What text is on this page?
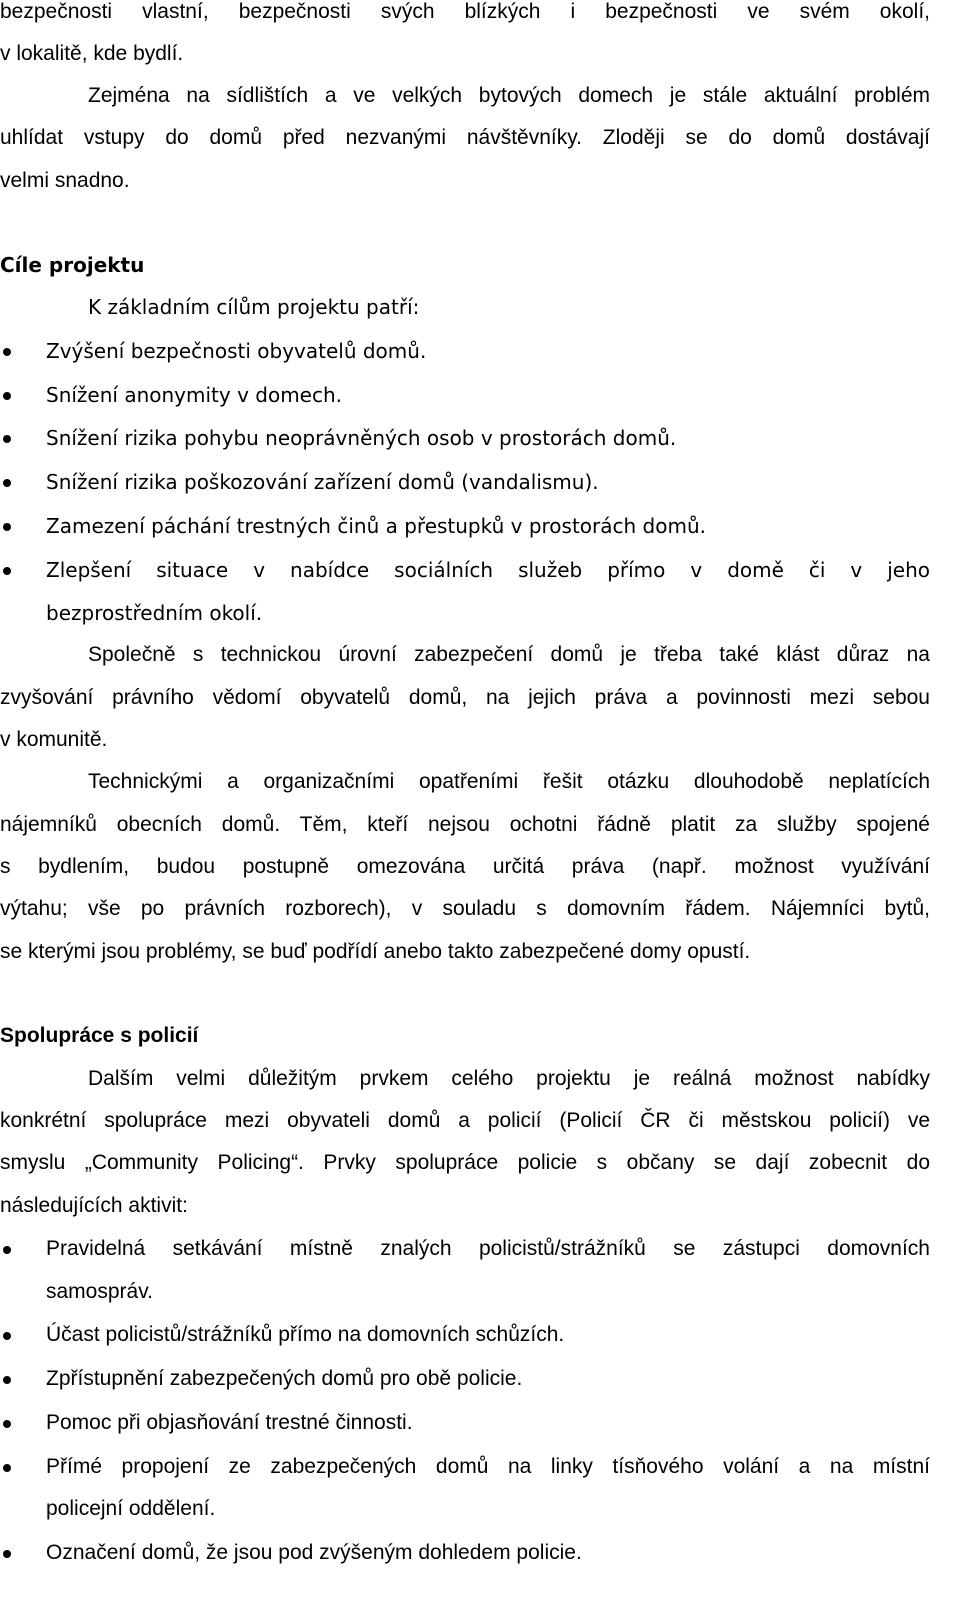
bezpečnosti vlastní, bezpečnosti svých blízkých i bezpečnosti ve svém okolí,
v lokalitě, kde bydlí.
Zejména na sídlištích a ve velkých bytových domech je stále aktuální problém
uhlídat vstupy do domů před nezvanými návštěvníky. Zloději se do domů dostávají
velmi snadno.
Cíle projektu
K základním cílům projektu patří:
Zvýšení bezpečnosti obyvatelů domů.
Snížení anonymity v domech.
Snížení rizika pohybu neoprávněných osob v prostorách domů.
Snížení rizika poškozování zařízení domů (vandalismu).
Zamezení páchání trestných činů a přestupků v prostorách domů.
Zlepšení situace v nabídce sociálních služeb přímo v domě či v jeho
bezprostředním okolí.
Společně s technickou úrovní zabezpečení domů je třeba také klást důraz na
zvyšování právního vědomí obyvatelů domů, na jejich práva a povinnosti mezi sebou
v komunitě.
Technickými a organizačními opatřeními řešit otázku dlouhodobě neplatících
nájemníků obecních domů. Těm, kteří nejsou ochotni řádně platit za služby spojené
s bydlením, budou postupně omezována určitá práva (např. možnost využívání
výtahu; vše po právních rozborech), v souladu s domovním řádem. Nájemníci bytů,
se kterými jsou problémy, se buď podřídí anebo takto zabezpečené domy opustí.
Spolupráce s policií
Dalším velmi důležitým prvkem celého projektu je reálná možnost nabídky
konkrétní spolupráce mezi obyvateli domů a policií (Policií ČR či městskou policií) ve
smyslu „Community Policing“. Prvky spolupráce policie s občany se dají zobecnit do
následujících aktivit:
Pravidelná setkávání místně znalých policistů/strážníků se zástupci domovních
samospráv.
Účast policistů/strážníků přímo na domovních schůzích.
Zpřístupnění zabezpečených domů pro obě policie.
Pomoc při objasňování trestné činnosti.
Přímé propojení ze zabezpečených domů na linky tísňového volání a na místní
policejní oddělení.
Označení domů, že jsou pod zvýšeným dohledem policie.
